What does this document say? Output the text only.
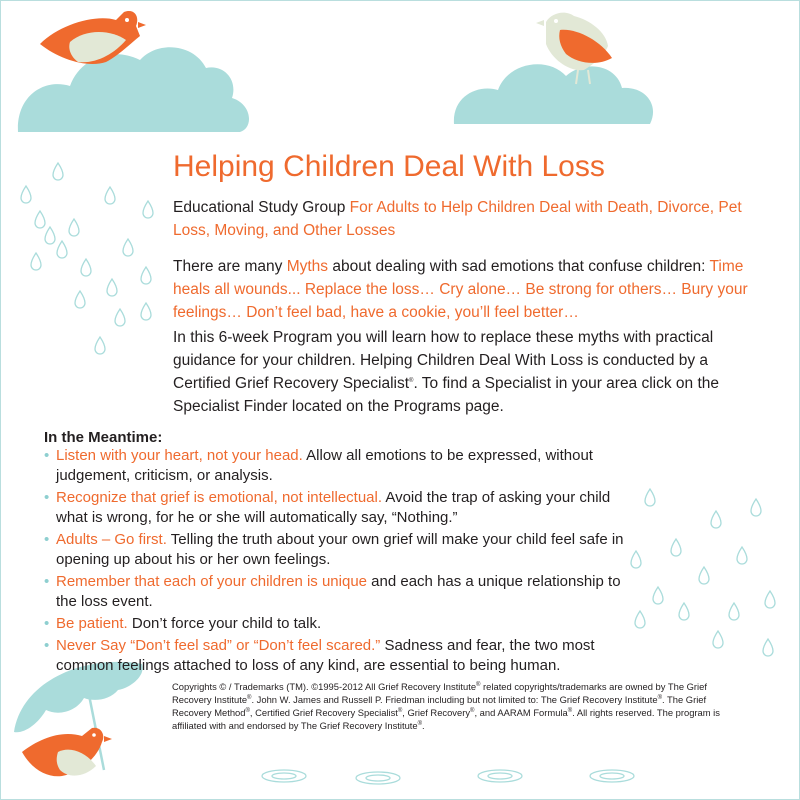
Helping Children Deal With Loss
Educational Study Group For Adults to Help Children Deal with Death, Divorce, Pet Loss, Moving, and Other Losses
There are many Myths about dealing with sad emotions that confuse children: Time heals all wounds... Replace the loss… Cry alone… Be strong for others… Bury your feelings… Don’t feel bad, have a cookie, you’ll feel better…
In this 6-week Program you will learn how to replace these myths with practical guidance for your children. Helping Children Deal With Loss is conducted by a Certified Grief Recovery Specialist®. To find a Specialist in your area click on the Specialist Finder located on the Programs page.
In the Meantime:
• Listen with your heart, not your head. Allow all emotions to be expressed, without judgement, criticism, or analysis.
• Recognize that grief is emotional, not intellectual. Avoid the trap of asking your child what is wrong, for he or she will automatically say, “Nothing.”
• Adults – Go first. Telling the truth about your own grief will make your child feel safe in opening up about his or her own feelings.
• Remember that each of your children is unique and each has a unique relationship to the loss event.
• Be patient. Don’t force your child to talk.
• Never Say “Don’t feel sad” or “Don’t feel scared.” Sadness and fear, the two most common feelings attached to loss of any kind, are essential to being human.
Copyrights © / Trademarks (TM). ©1995-2012 All Grief Recovery Institute® related copyrights/trademarks are owned by The Grief Recovery Institute®. John W. James and Russell P. Friedman including but not limited to: The Grief Recovery Institute®. The Grief Recovery Method®, Certified Grief Recovery Specialist®, Grief Recovery®, and AARAM Formula®. All rights reserved. The program is affiliated with and endorsed by The Grief Recovery Institute®.
